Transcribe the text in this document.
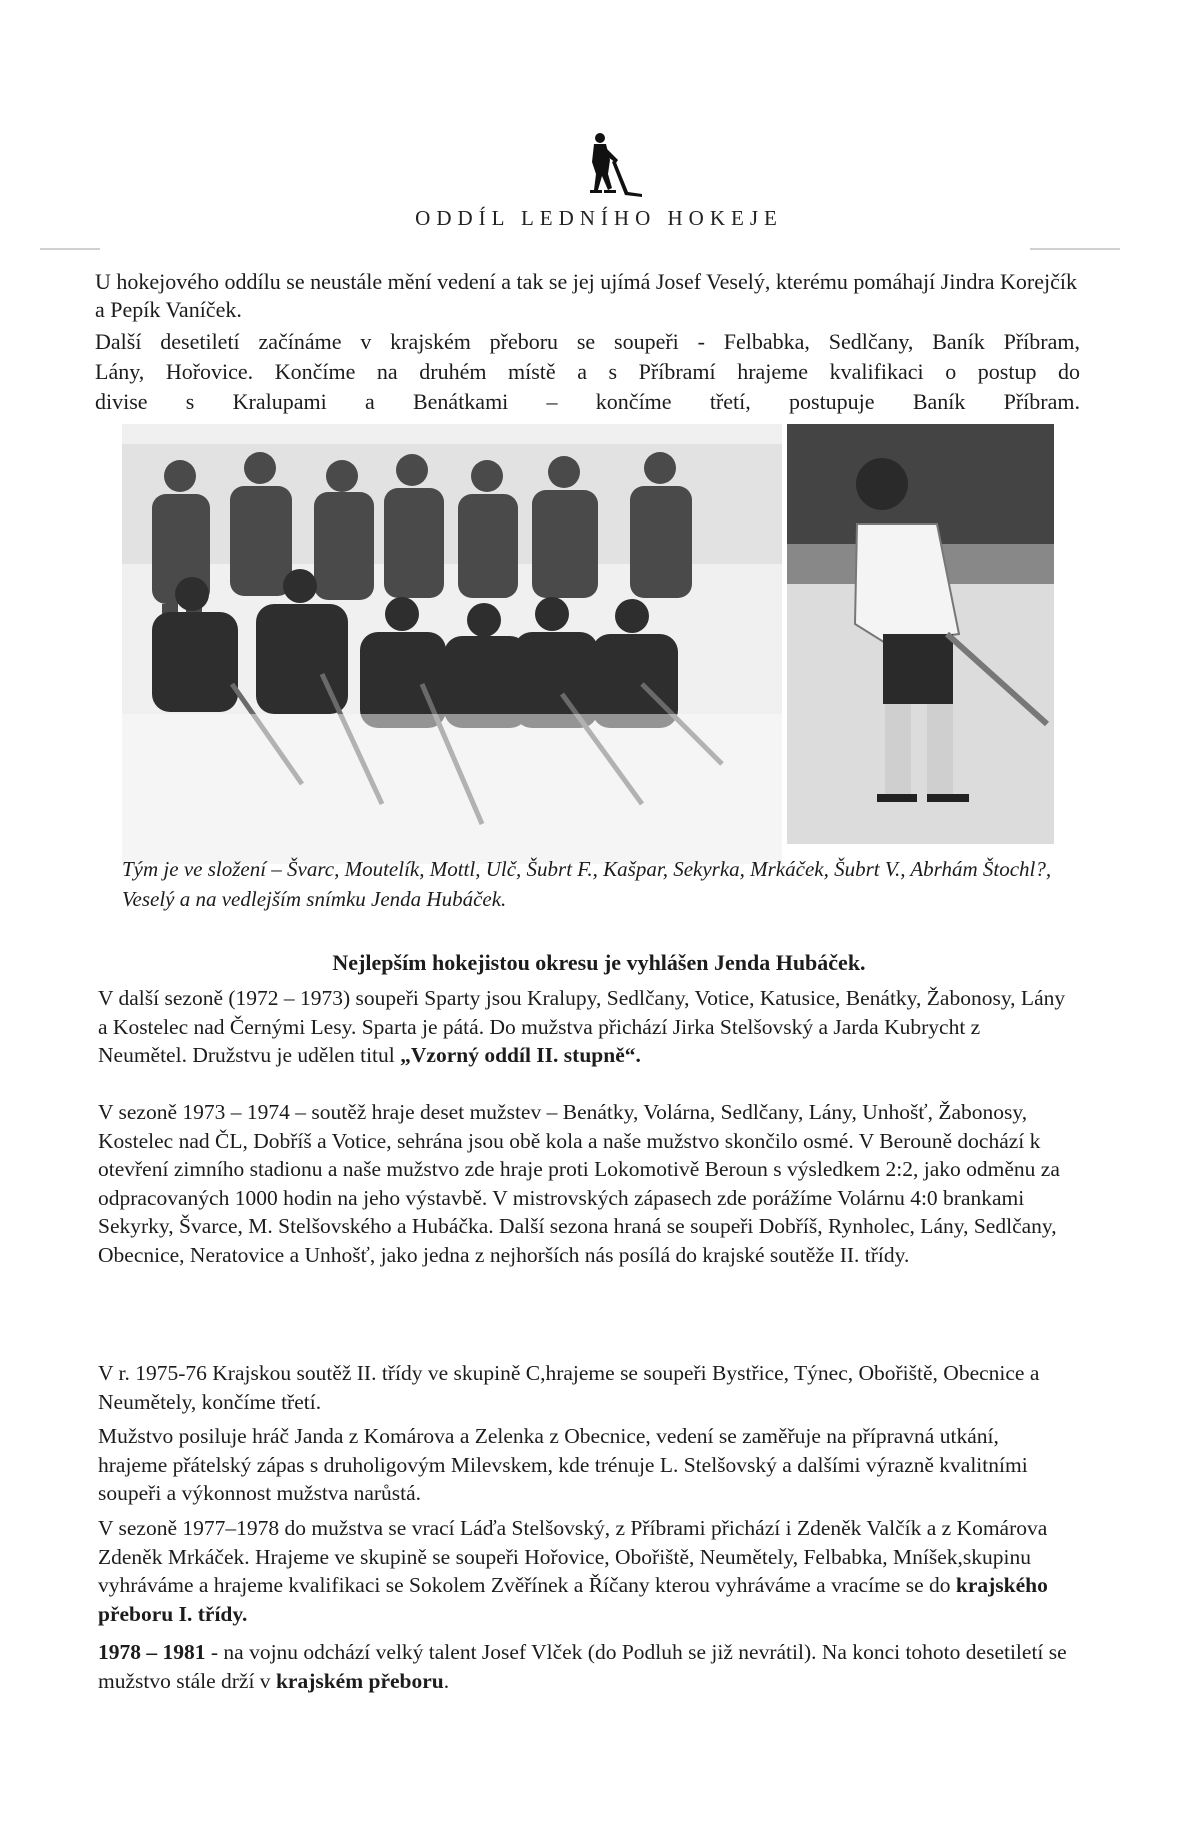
ODDÍL LEDNÍHO HOKEJE

U hokejového oddílu se neustále mění vedení a tak se jej ujímá Josef Veselý, kterému pomáhají Jindra Korejčík a Pepík Vaníček.

Další desetiletí začínáme v krajském přeboru se soupeři - Felbabka, Sedlčany, Baník Příbram,

Lány, Hořovice. Končíme na druhém místě a s Příbramí hrajeme kvalifikaci o postup do

divise s Kralupami a Benátkami – končíme třetí, postupuje Baník Příbram.

Tým je ve složení – Švarc, Moutelík, Mottl, Ulč, Šubrt F., Kašpar, Sekyrka, Mrkáček, Šubrt V., Abrhám Štochl?, Veselý a na vedlejším snímku Jenda Hubáček.
Nejlepším hokejistou okresu je vyhlášen Jenda Hubáček.

V další sezoně (1972 – 1973) soupeři Sparty jsou Kralupy, Sedlčany, Votice, Katusice, Benátky, Žabonosy, Lány a Kostelec nad Černými Lesy. Sparta je pátá. Do mužstva přichází Jirka Stelšovský a Jarda Kubrycht z Neumětel. Družstvu je udělen titul „Vzorný oddíl II. stupně“.

V sezoně 1973 – 1974 – soutěž hraje deset mužstev – Benátky, Volárna, Sedlčany, Lány, Unhošť, Žabonosy, Kostelec nad ČL, Dobříš a Votice, sehrána jsou obě kola a naše mužstvo skončilo osmé. V Berouně dochází k otevření zimního stadionu a naše mužstvo zde hraje proti Lokomotivě Beroun s výsledkem 2:2, jako odměnu za odpracovaných 1000 hodin na jeho výstavbě. V mistrovských zápasech zde porážíme Volárnu 4:0 brankami Sekyrky, Švarce, M. Stelšovského a Hubáčka. Další sezona hraná se soupeři Dobříš, Rynholec, Lány, Sedlčany, Obecnice, Neratovice a Unhošť, jako jedna z nejhorších nás posílá do krajské soutěže II. třídy.

V r. 1975-76 Krajskou soutěž II. třídy ve skupině C,hrajeme se soupeři Bystřice, Týnec, Obořiště, Obecnice a Neumětely, končíme třetí.

Mužstvo posiluje hráč Janda z Komárova a Zelenka z Obecnice, vedení se zaměřuje na přípravná utkání, hrajeme přátelský zápas s druholigovým Milevskem, kde trénuje L. Stelšovský a dalšími výrazně kvalitními soupeři a výkonnost mužstva narůstá.

V sezoně 1977–1978 do mužstva se vrací Láďa Stelšovský, z Příbrami přichází i Zdeněk Valčík a z Komárova Zdeněk Mrkáček. Hrajeme ve skupině se soupeři Hořovice, Obořiště, Neumětely, Felbabka, Mníšek,skupinu vyhráváme a hrajeme kvalifikaci se Sokolem Zvěřínek a Říčany kterou vyhráváme a vracíme se do krajského přeboru I. třídy.

1978 – 1981 - na vojnu odchází velký talent Josef Vlček (do Podluh se již nevrátil). Na konci tohoto desetiletí se mužstvo stále drží v krajském přeboru.
